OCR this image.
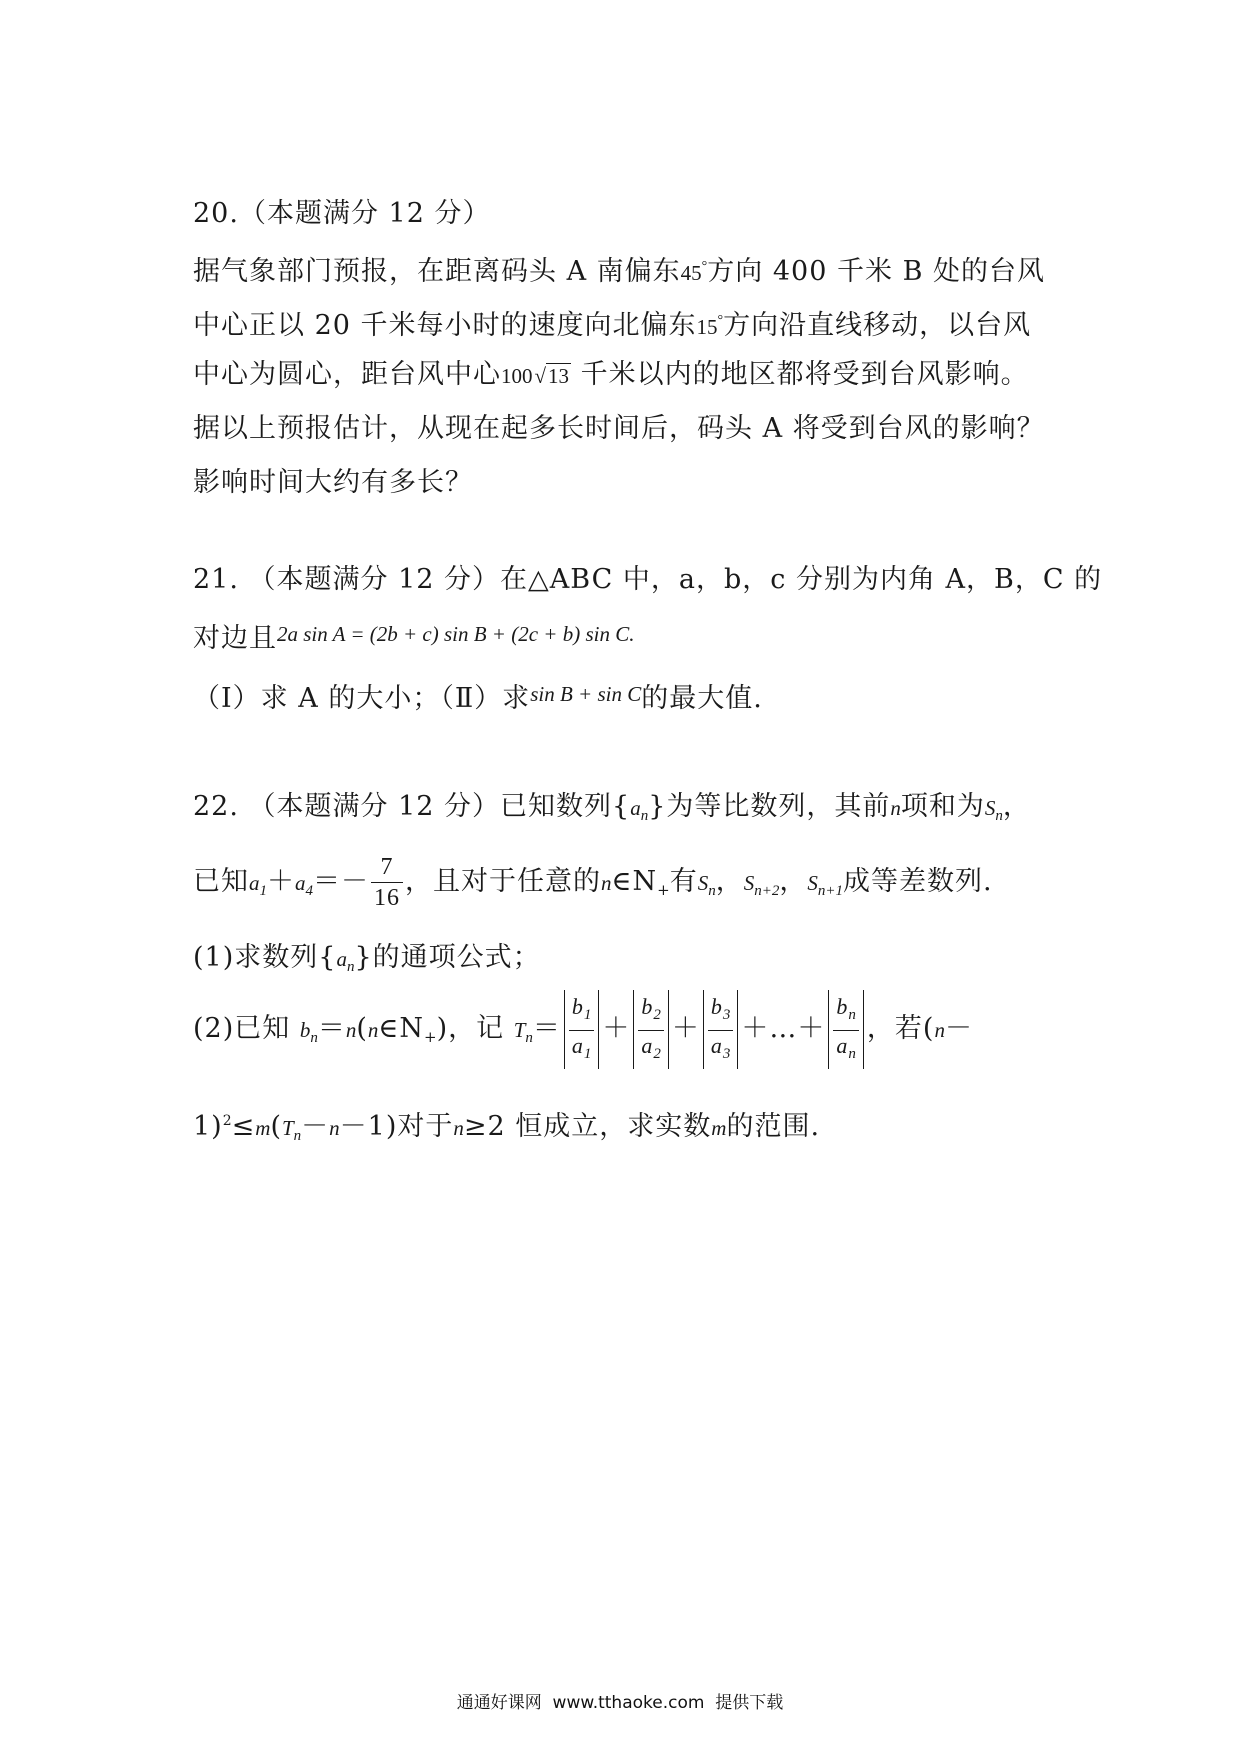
20.（本题满分 12 分）
据气象部门预报，在距离码头 A 南偏东45°方向 400 千米 B 处的台风
中心正以 20 千米每小时的速度向北偏东15°方向沿直线移动，以台风
中心为圆心，距台风中心100√13 千米以内的地区都将受到台风影响。
据以上预报估计，从现在起多长时间后，码头 A 将受到台风的影响？
影响时间大约有多长？
21. （本题满分 12 分）在△ABC 中，a，b，c 分别为内角 A，B，C 的
对边且$^{2a sin A = (2b + c) sin B + (2c + b) sin C.}$
（Ⅰ）求 A 的大小；（Ⅱ）求$^{sin B + sin C}$的最大值.
22. （本题满分 12 分）已知数列$\{a_n\}$为等比数列，其前n项和为$S_n$，
已知$a_1+a_4=- \frac{7}{16}$ ，且对于任意的$n\in N_+$有$S_n$，$S_{n+2}$，$S_{n+1}$成等差数列.
(1)求数列$\{a_n\}$的通项公式；
(2)已知 $b_n=n(n\in N_+)$，记 $T_n= \frac{b_1}{a_1} + \frac{b_2}{a_2} + \frac{b_3}{a_3}$ ＋…＋ $\frac{b_n}{a_n}$ ，若(n－
$1)^2\le m(T_n-n-1)$对于n≥2 恒成立，求实数m的范围.
通通好课网  www.tthaoke.com  提供下载
